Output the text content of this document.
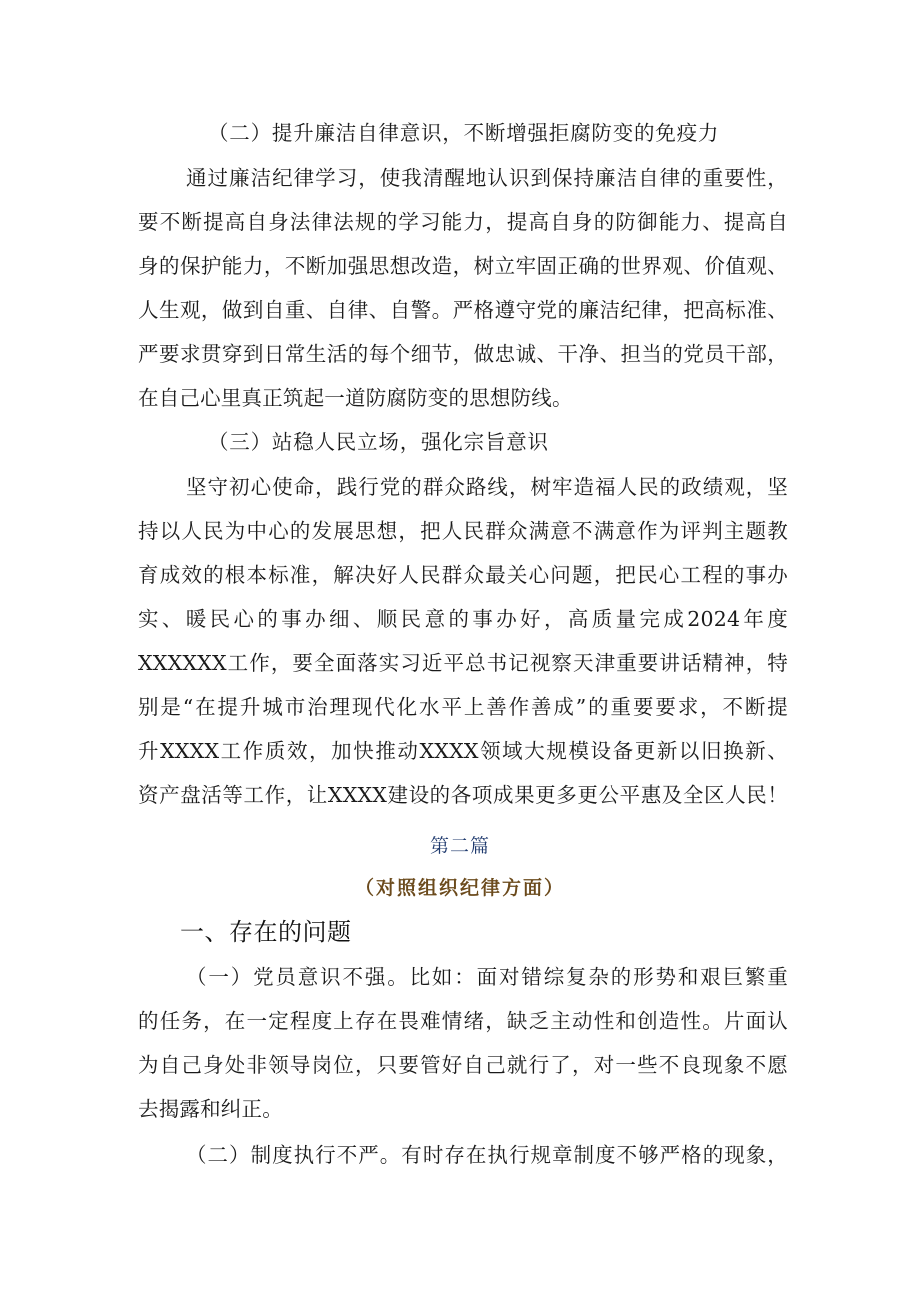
（二）提升廉洁自律意识，不断增强拒腐防变的免疫力
通过廉洁纪律学习，使我清醒地认识到保持廉洁自律的重要性，
要不断提高自身法律法规的学习能力，提高自身的防御能力、提高自
身的保护能力，不断加强思想改造，树立牢固正确的世界观、价值观、
人生观，做到自重、自律、自警。严格遵守党的廉洁纪律，把高标准、
严要求贯穿到日常生活的每个细节，做忠诚、干净、担当的党员干部，
在自己心里真正筑起一道防腐防变的思想防线。
（三）站稳人民立场，强化宗旨意识
坚守初心使命，践行党的群众路线，树牢造福人民的政绩观，坚
持以人民为中心的发展思想，把人民群众满意不满意作为评判主题教
育成效的根本标准，解决好人民群众最关心问题，把民心工程的事办
实、暖民心的事办细、顺民意的事办好，高质量完成2024年度
XXXXXX工作，要全面落实习近平总书记视察天津重要讲话精神，特
别是“在提升城市治理现代化水平上善作善成”的重要要求，不断提
升XXXX工作质效，加快推动XXXX领域大规模设备更新以旧换新、
资产盘活等工作，让XXXX建设的各项成果更多更公平惠及全区人民！
第二篇
（对照组织纪律方面）
一、存在的问题
（一）党员意识不强。比如：面对错综复杂的形势和艰巨繁重
的任务，在一定程度上存在畏难情绪，缺乏主动性和创造性。片面认
为自己身处非领导岗位，只要管好自己就行了，对一些不良现象不愿
去揭露和纠正。
（二）制度执行不严。有时存在执行规章制度不够严格的现象，
